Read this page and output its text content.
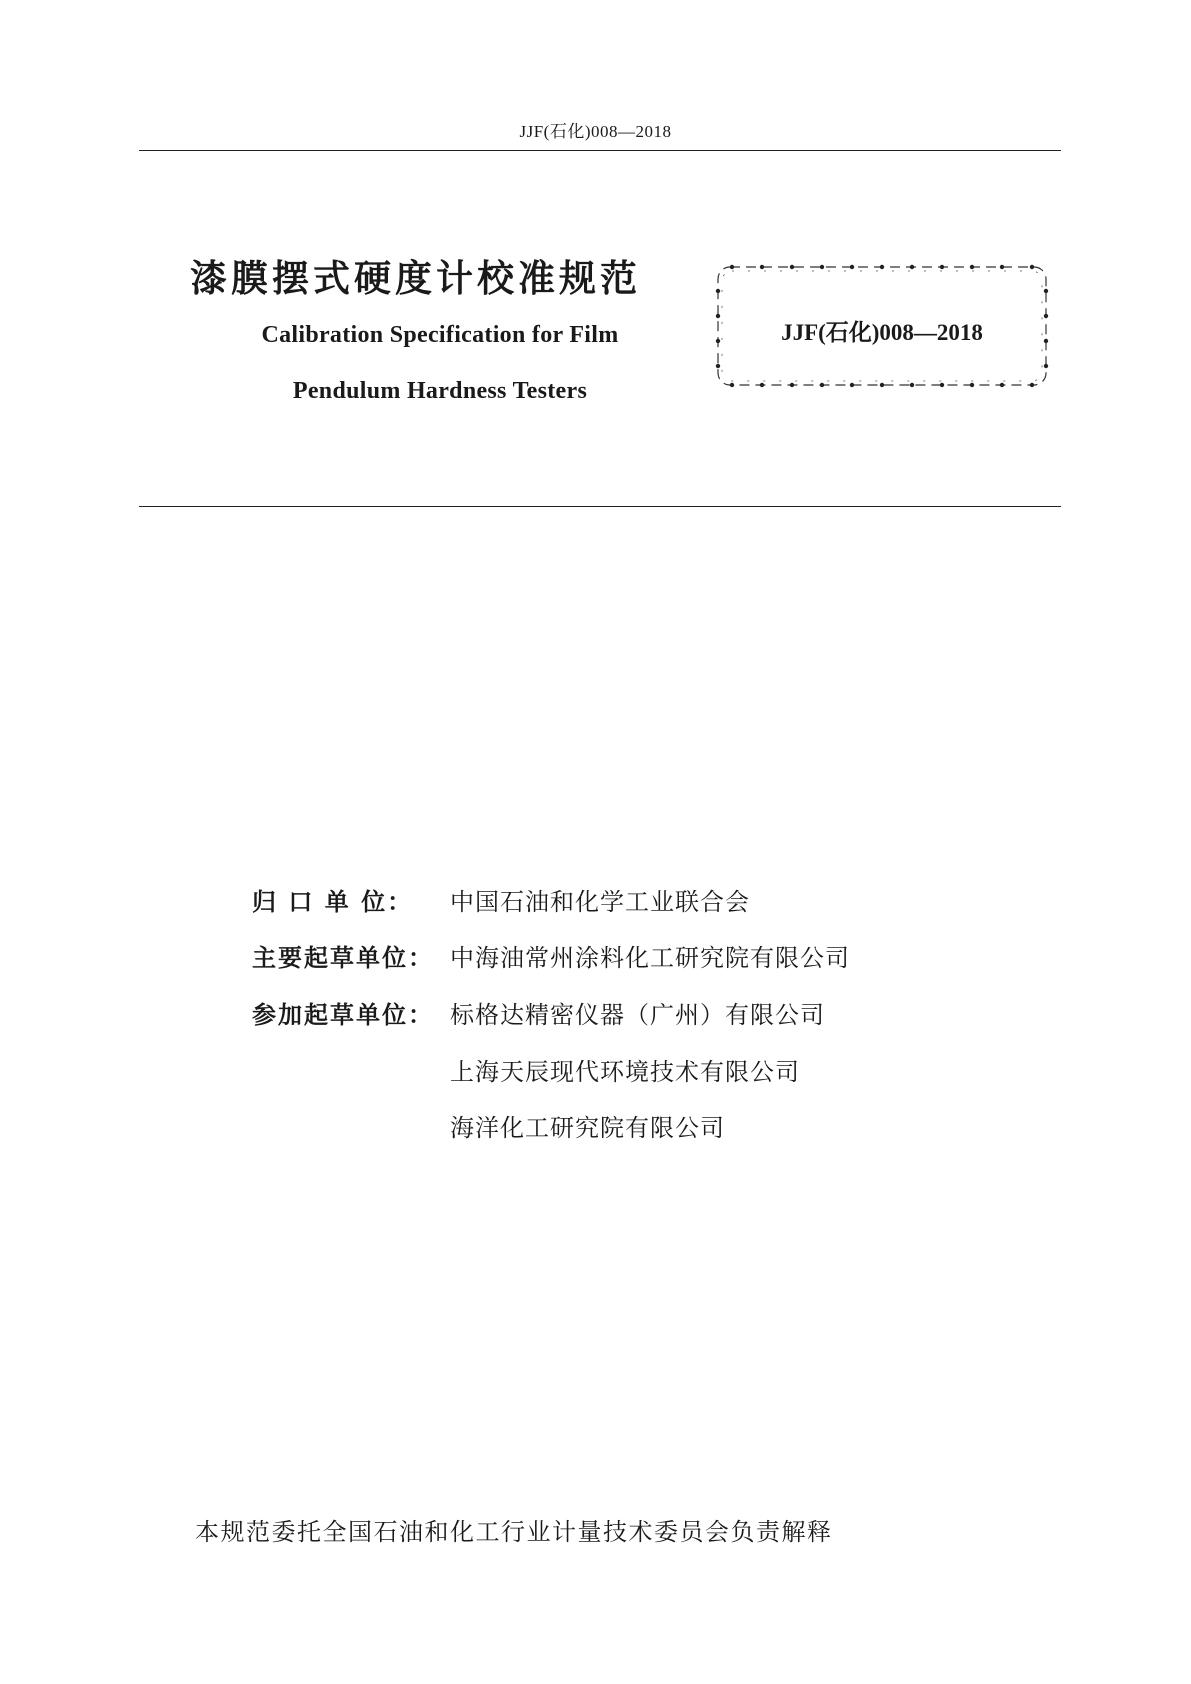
JJF(石化)008—2018
漆膜摆式硬度计校准规范
Calibration Specification for Film
Pendulum Hardness Testers
JJF(石化)008—2018
归 口 单 位： 中国石油和化学工业联合会
主要起草单位： 中海油常州涂料化工研究院有限公司
参加起草单位： 标格达精密仪器（广州）有限公司
上海天辰现代环境技术有限公司
海洋化工研究院有限公司
本规范委托全国石油和化工行业计量技术委员会负责解释
